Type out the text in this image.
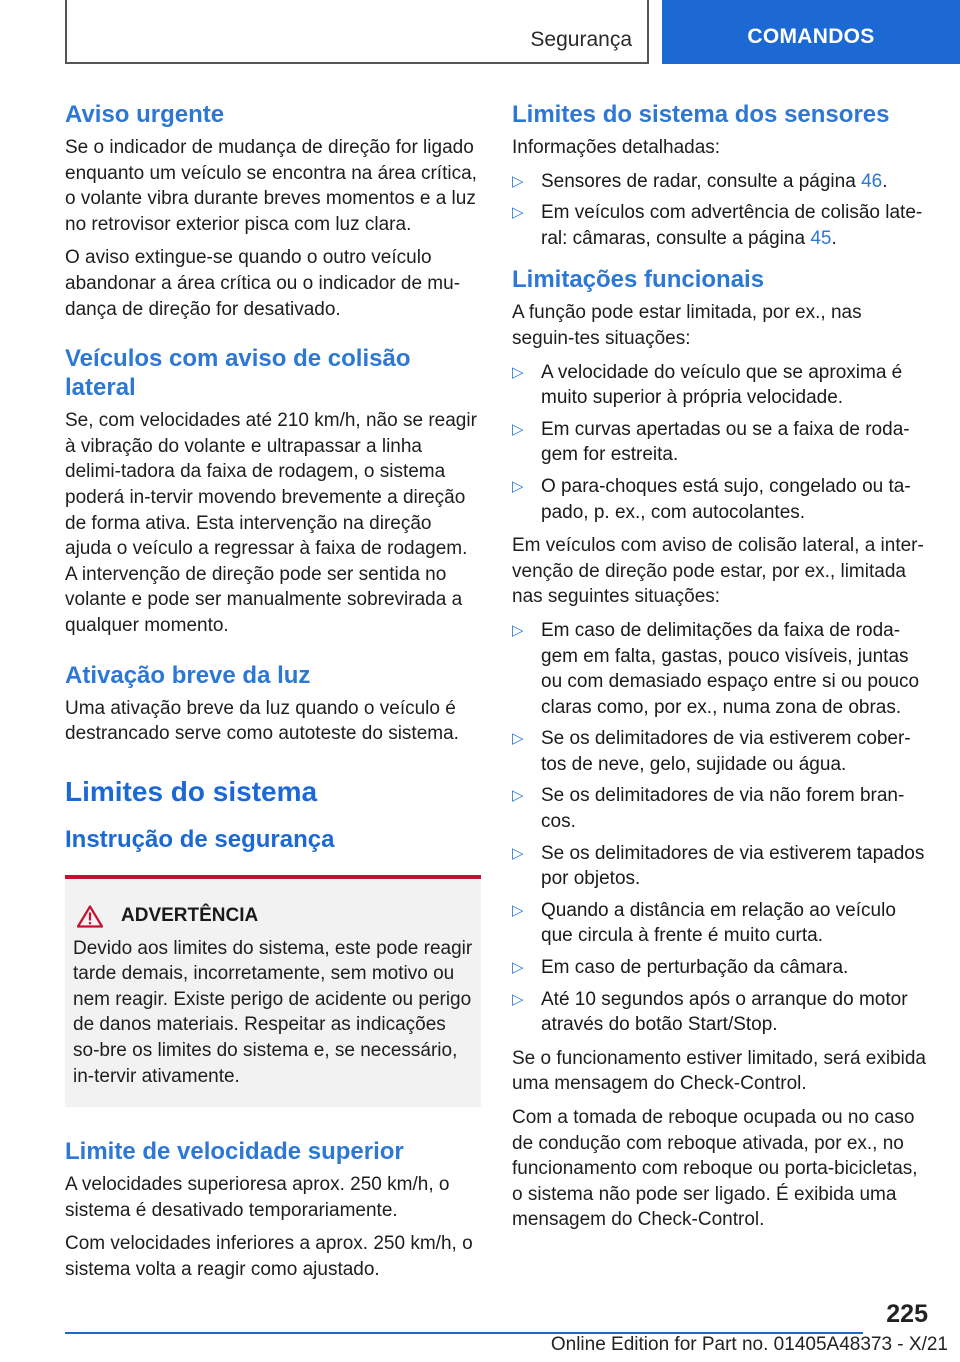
Segurança	COMANDOS
Aviso urgente

Se o indicador de mudança de direção for ligado enquanto um veículo se encontra na área crítica, o volante vibra durante breves momentos e a luz no retrovisor exterior pisca com luz clara.

O aviso extingue-se quando o outro veículo abandonar a área crítica ou o indicador de mu-dança de direção for desativado.

Veículos com aviso de colisão lateral

Se, com velocidades até 210 km/h, não se reagir à vibração do volante e ultrapassar a linha delimi-tadora da faixa de rodagem, o sistema poderá in-tervir movendo brevemente a direção de forma ativa. Esta intervenção na direção ajuda o veículo a regressar à faixa de rodagem. A intervenção de direção pode ser sentida no volante e pode ser manualmente sobrevirada a qualquer momento.

Ativação breve da luz

Uma ativação breve da luz quando o veículo é destrancado serve como autoteste do sistema.

Limites do sistema
Instrução de segurança
ADVERTÊNCIA

Devido aos limites do sistema, este pode reagir tarde demais, incorretamente, sem motivo ou nem reagir. Existe perigo de acidente ou perigo de danos materiais. Respeitar as indicações so-bre os limites do sistema e, se necessário, in-tervir ativamente.

Limite de velocidade superior

A velocidades superioresa aprox. 250 km/h, o sistema é desativado temporariamente.

Com velocidades inferiores a aprox. 250 km/h, o sistema volta a reagir como ajustado.

Limites do sistema dos sensores

Informações detalhadas:

▷ Sensores de radar, consulte a página 46.
▷ Em veículos com advertência de colisão late-ral: câmaras, consulte a página 45.
Limitações funcionais

A função pode estar limitada, por ex., nas seguin-tes situações:

▷ A velocidade do veículo que se aproxima é muito superior à própria velocidade.
▷ Em curvas apertadas ou se a faixa de roda-gem for estreita.
▷ O para-choques está sujo, congelado ou ta-pado, p. ex., com autocolantes.

Em veículos com aviso de colisão lateral, a inter-venção de direção pode estar, por ex., limitada nas seguintes situações:

▷ Em caso de delimitações da faixa de roda-gem em falta, gastas, pouco visíveis, juntas ou com demasiado espaço entre si ou pouco claras como, por ex., numa zona de obras.
▷ Se os delimitadores de via estiverem cober-tos de neve, gelo, sujidade ou água.
▷ Se os delimitadores de via não forem bran-cos.
▷ Se os delimitadores de via estiverem tapados por objetos.
▷ Quando a distância em relação ao veículo que circula à frente é muito curta.
▷ Em caso de perturbação da câmara.
▷ Até 10 segundos após o arranque do motor através do botão Start/Stop.

Se o funcionamento estiver limitado, será exibida uma mensagem do Check-Control.

Com a tomada de reboque ocupada ou no caso de condução com reboque ativada, por ex., no funcionamento com reboque ou porta-bicicletas, o sistema não pode ser ligado. É exibida uma mensagem do Check-Control.

225
Online Edition for Part no. 01405A48373 - X/21
